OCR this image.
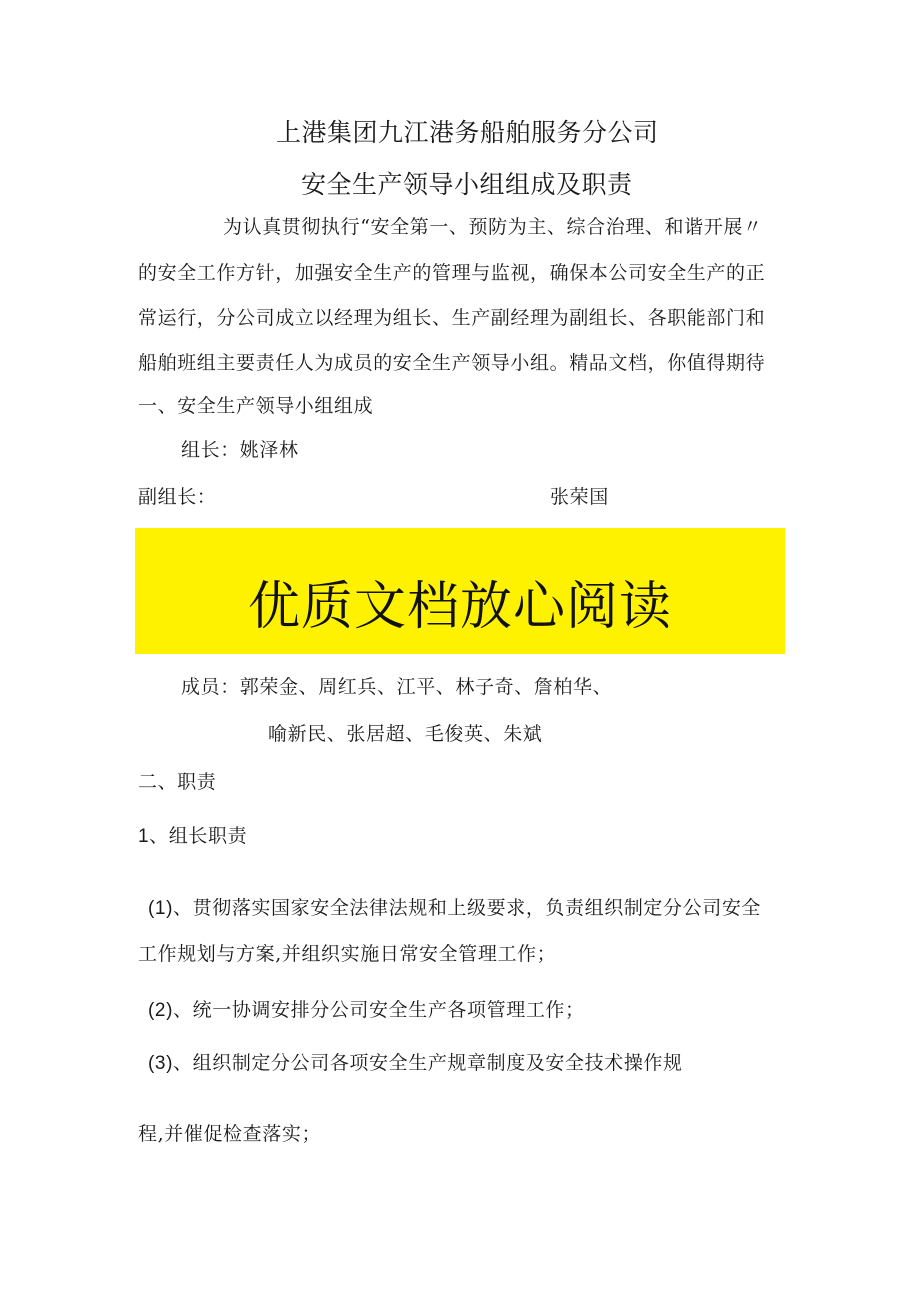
上港集团九江港务船舶服务分公司
安全生产领导小组组成及职责
为认真贯彻执行“安全第一、预防为主、综合治理、和谐开展〃
的安全工作方针，加强安全生产的管理与监视，确保本公司安全生产的正
常运行，分公司成立以经理为组长、生产副经理为副组长、各职能部门和
船舶班组主要责任人为成员的安全生产领导小组。精品文档，你值得期待
一、安全生产领导小组组成
组长：姚泽林
副组长：	张荣国
优质文档放心阅读
成员：郭荣金、周红兵、江平、林子奇、詹柏华、
喻新民、张居超、毛俊英、朱斌
二、职责
1、组长职责
(1)、贯彻落实国家安全法律法规和上级要求，负责组织制定分公司安全
工作规划与方案,并组织实施日常安全管理工作；
(2)、统一协调安排分公司安全生产各项管理工作；
(3)、组织制定分公司各项安全生产规章制度及安全技术操作规
程,并催促检查落实；
